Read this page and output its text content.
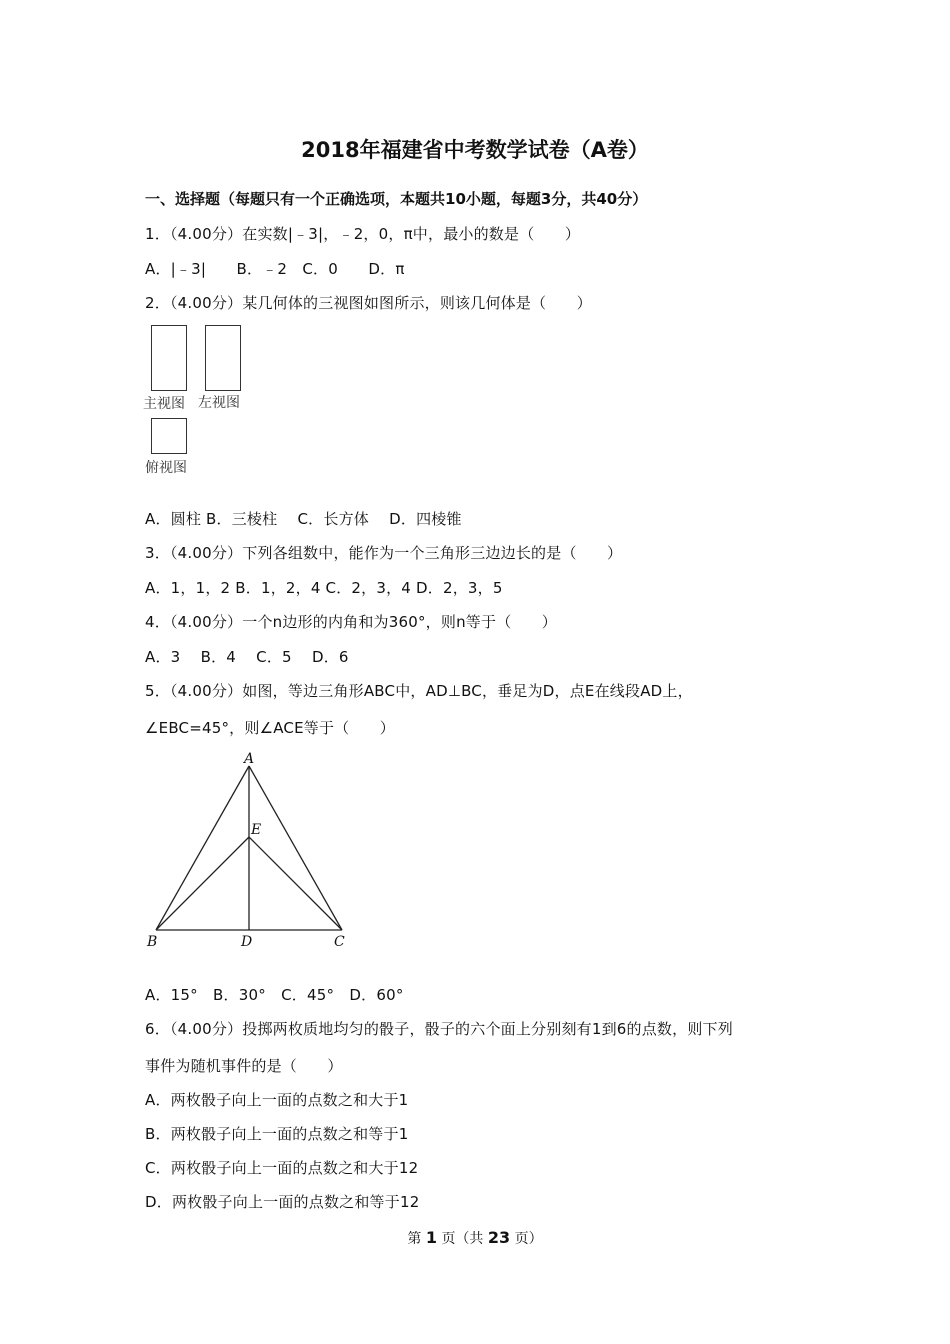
2018年福建省中考数学试卷（A卷）
一、选择题（每题只有一个正确选项，本题共10小题，每题3分，共40分）
1．（4.00分）在实数|﹣3|，﹣2，0，π中，最小的数是（　　）
A．|﹣3|　　B．﹣2　C．0　　D．π
2．（4.00分）某几何体的三视图如图所示，则该几何体是（　　）
主视图 左视图
俯视图
A．圆柱 B．三棱柱　 C．长方体　 D．四棱锥
3．（4.00分）下列各组数中，能作为一个三角形三边边长的是（　　）
A．1，1，2 B．1，2，4 C．2，3，4 D．2，3，5
4．（4.00分）一个n边形的内角和为360°，则n等于（　　）
A．3　 B．4　 C．5　 D．6
5．（4.00分）如图，等边三角形ABC中，AD⊥BC，垂足为D，点E在线段AD上，
∠EBC=45°，则∠ACE等于（　　）
A
E
B	D	C
A．15°　B．30°　C．45°　D．60°
6．（4.00分）投掷两枚质地均匀的骰子，骰子的六个面上分别刻有1到6的点数，则下列
事件为随机事件的是（　　）
A．两枚骰子向上一面的点数之和大于1
B．两枚骰子向上一面的点数之和等于1
C．两枚骰子向上一面的点数之和大于12
D．两枚骰子向上一面的点数之和等于12
第 1 页（共 23 页）
